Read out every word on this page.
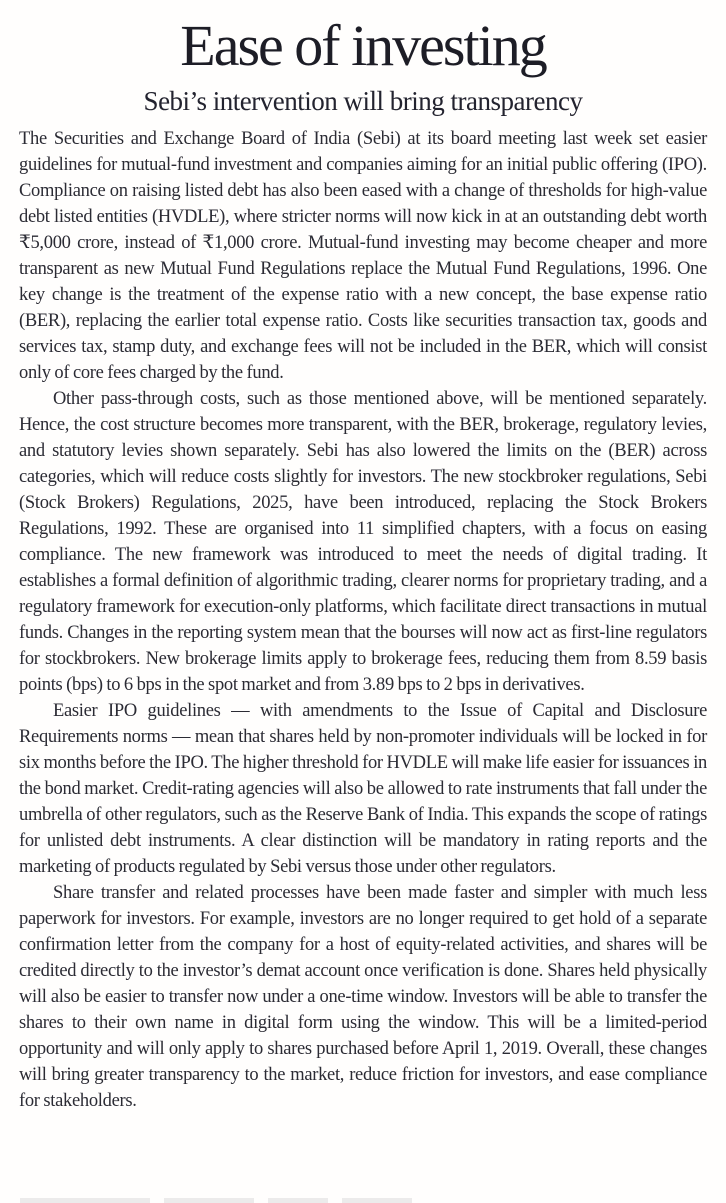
Ease of investing
Sebi’s intervention will bring transparency

The Securities and Exchange Board of India (Sebi) at its board meeting last week set easier guidelines for mutual-fund investment and companies aiming for an initial public offering (IPO). Compliance on raising listed debt has also been eased with a change of thresholds for high-value debt listed entities (HVDLE), where stricter norms will now kick in at an outstanding debt worth ₹5,000 crore, instead of ₹1,000 crore. Mutual-fund investing may become cheaper and more transparent as new Mutual Fund Regulations replace the Mutual Fund Regulations, 1996. One key change is the treatment of the expense ratio with a new concept, the base expense ratio (BER), replacing the earlier total expense ratio. Costs like securities transaction tax, goods and services tax, stamp duty, and exchange fees will not be included in the BER, which will consist only of core fees charged by the fund.

Other pass-through costs, such as those mentioned above, will be mentioned separately. Hence, the cost structure becomes more transparent, with the BER, brokerage, regulatory levies, and statutory levies shown separately. Sebi has also lowered the limits on the (BER) across categories, which will reduce costs slightly for investors. The new stockbroker regulations, Sebi (Stock Brokers) Regulations, 2025, have been introduced, replacing the Stock Brokers Regulations, 1992. These are organised into 11 simplified chapters, with a focus on easing compliance. The new framework was introduced to meet the needs of digital trading. It establishes a formal definition of algorithmic trading, clearer norms for proprietary trading, and a regulatory framework for execution-only platforms, which facilitate direct transactions in mutual funds. Changes in the reporting system mean that the bourses will now act as first-line regulators for stockbrokers. New brokerage limits apply to brokerage fees, reducing them from 8.59 basis points (bps) to 6 bps in the spot market and from 3.89 bps to 2 bps in derivatives.

Easier IPO guidelines — with amendments to the Issue of Capital and Disclosure Requirements norms — mean that shares held by non-promoter individuals will be locked in for six months before the IPO. The higher threshold for HVDLE will make life easier for issuances in the bond market. Credit-rating agencies will also be allowed to rate instruments that fall under the umbrella of other regulators, such as the Reserve Bank of India. This expands the scope of ratings for unlisted debt instruments. A clear distinction will be mandatory in rating reports and the marketing of products regulated by Sebi versus those under other regulators.

Share transfer and related processes have been made faster and simpler with much less paperwork for investors. For example, investors are no longer required to get hold of a separate confirmation letter from the company for a host of equity-related activities, and shares will be credited directly to the investor’s demat account once verification is done. Shares held physically will also be easier to transfer now under a one-time window. Investors will be able to transfer the shares to their own name in digital form using the window. This will be a limited-period opportunity and will only apply to shares purchased before April 1, 2019. Overall, these changes will bring greater transparency to the market, reduce friction for investors, and ease compliance for stakeholders.
